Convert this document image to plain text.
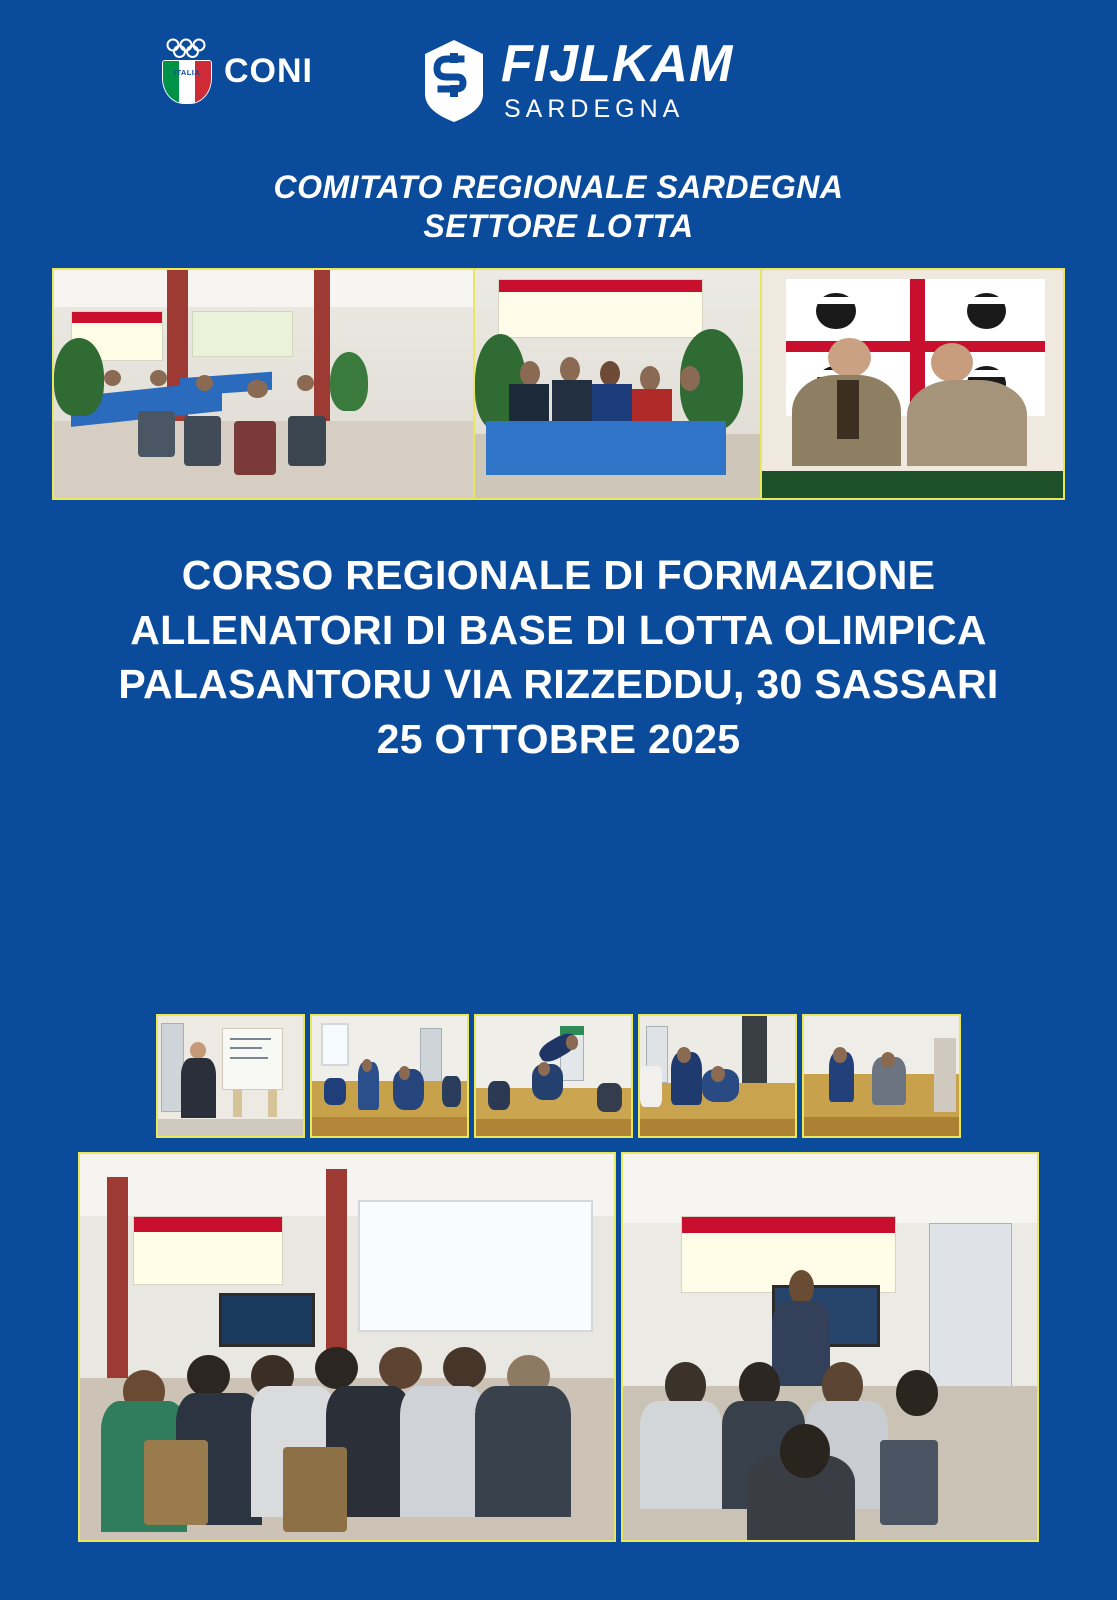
ITALIA CONI	FIJLKAM
SARDEGNA
COMITATO REGIONALE SARDEGNA
SETTORE LOTTA
CORSO REGIONALE DI FORMAZIONE
ALLENATORI DI BASE DI LOTTA OLIMPICA
PALASANTORU VIA RIZZEDDU, 30 SASSARI
25 OTTOBRE 2025
